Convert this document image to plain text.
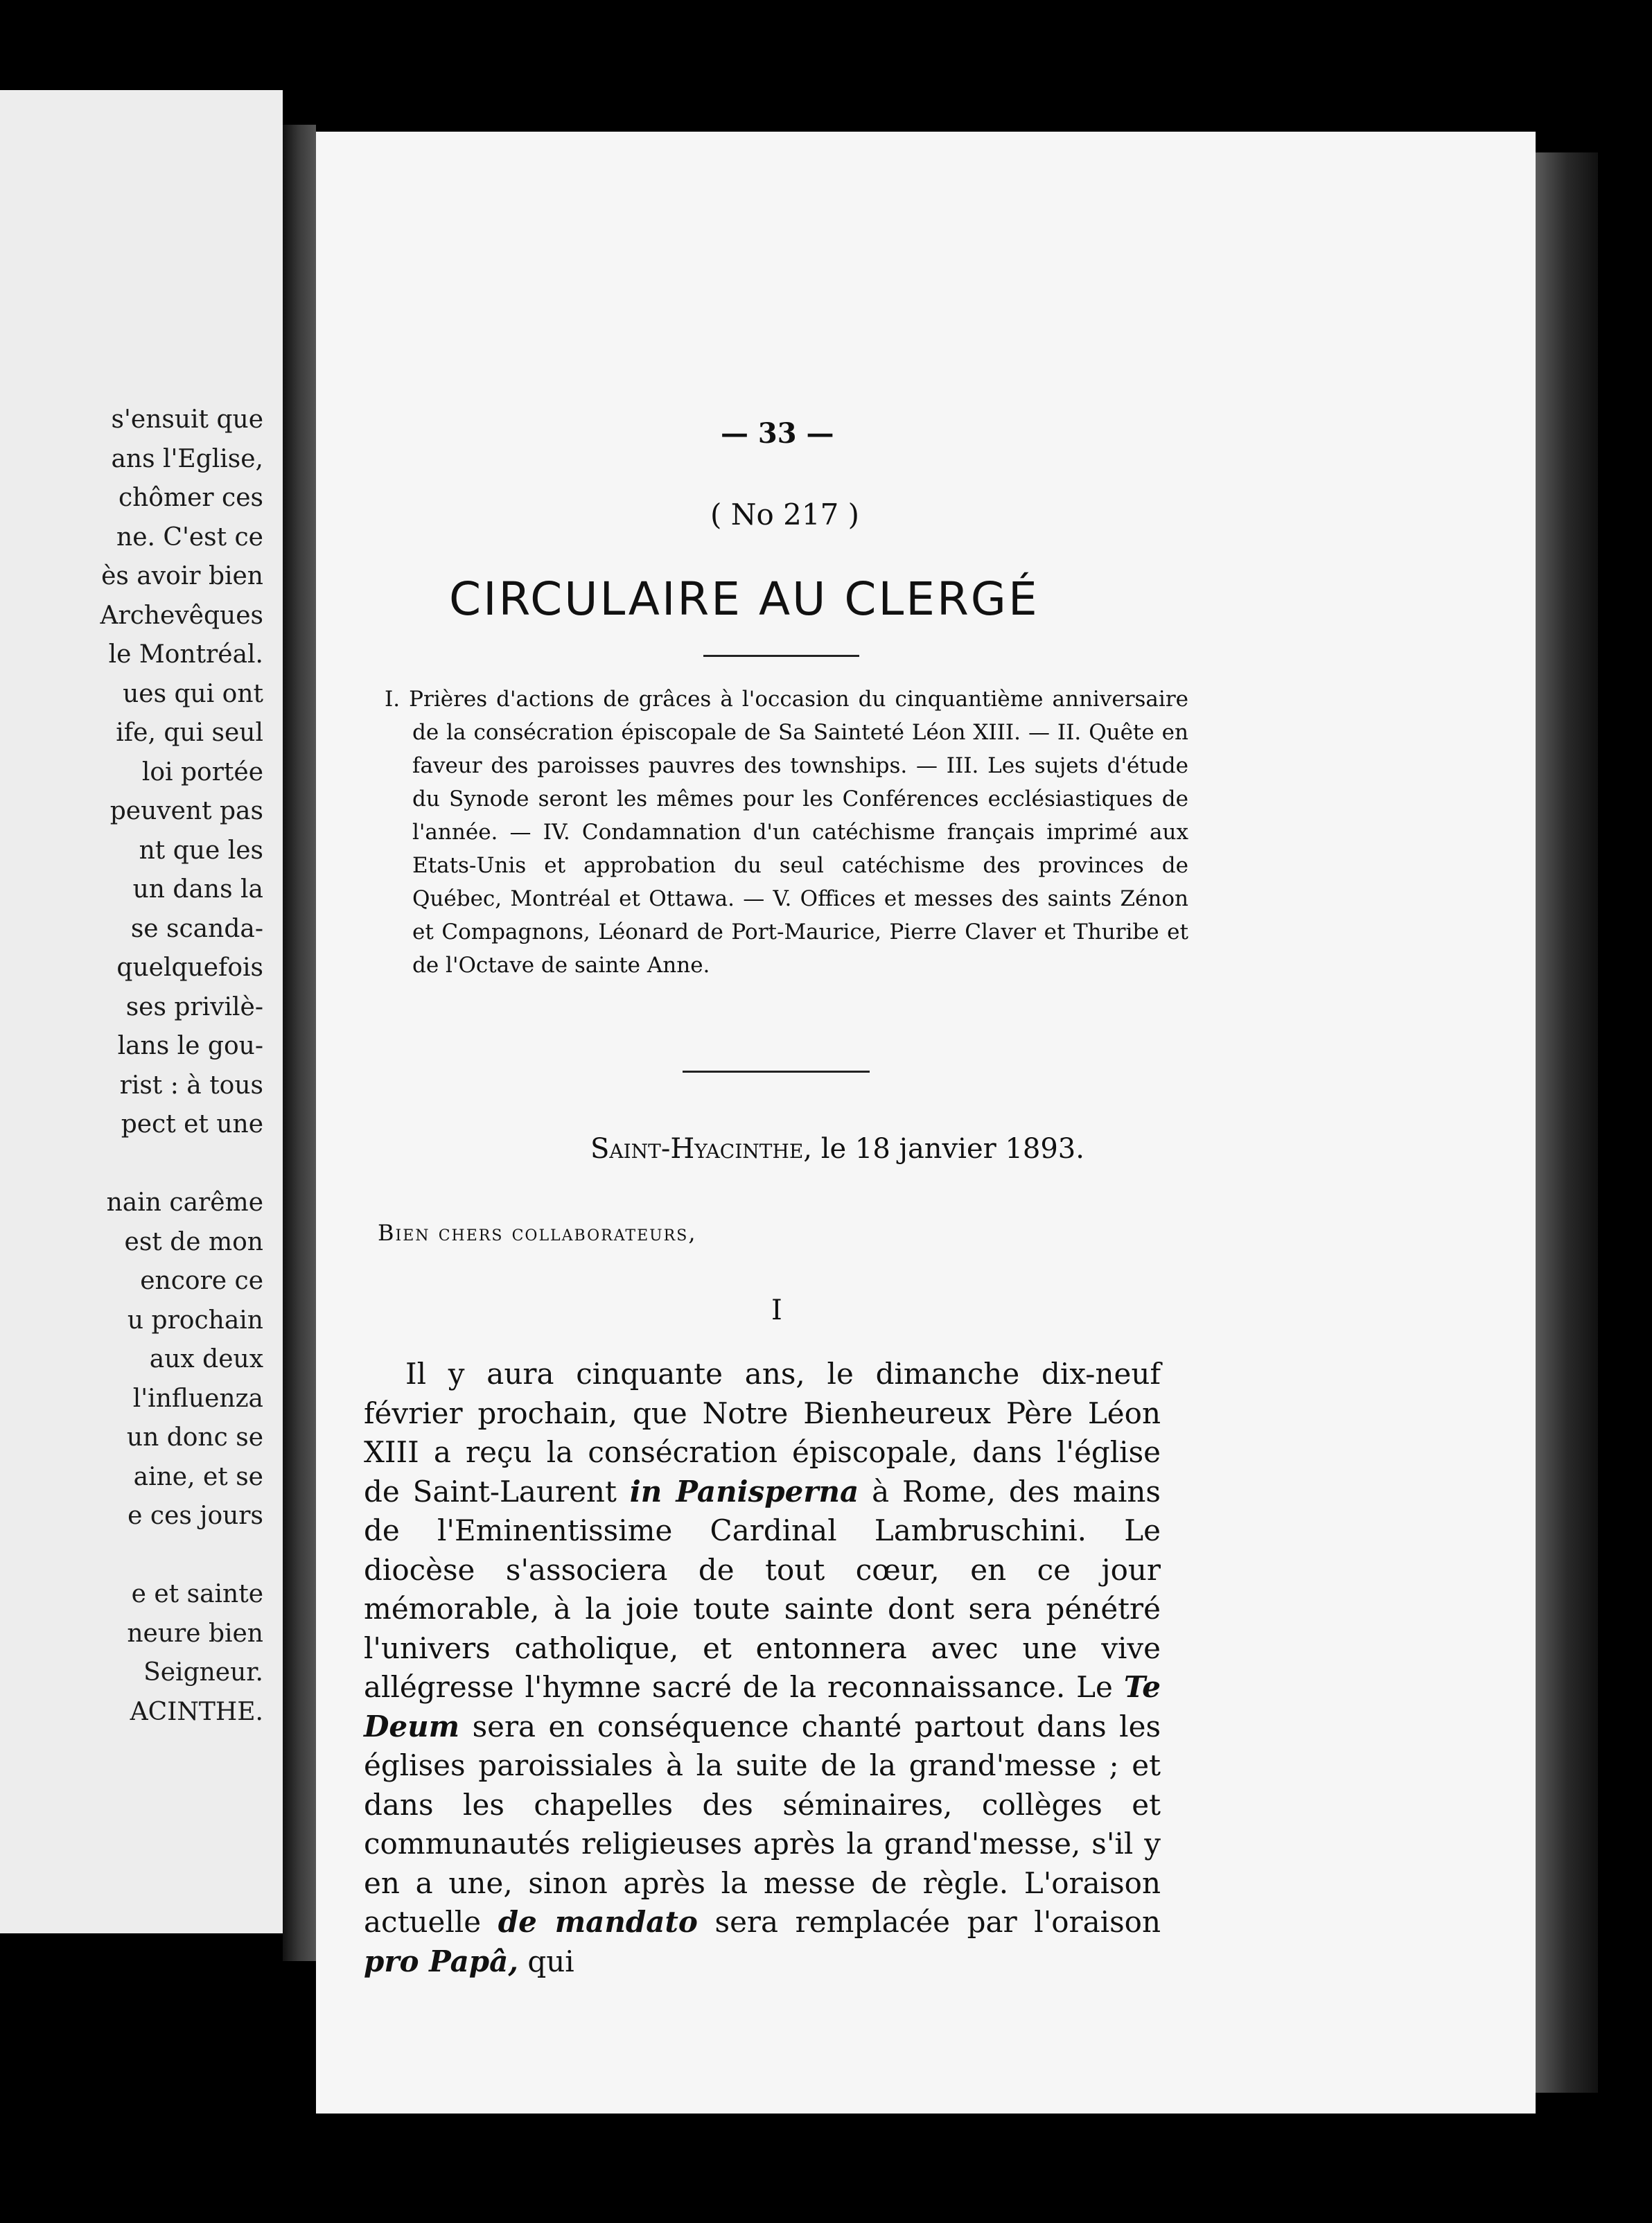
s'ensuit que
ans l'Eglise,
chômer ces
ne. C'est ce
ès avoir bien
Archevêques
le Montréal.
ues qui ont
ife, qui seul
loi portée
peuvent pas
nt que les
un dans la
se scanda-
quelquefois
ses privilè-
lans le gou-
rist : à tous
pect et une
nain carême
est de mon
encore ce
u prochain
aux deux
l'influenza
un donc se
aine, et se
e ces jours
e et sainte
neure bien
Seigneur.
ACINTHE.
— 33 —
( No 217 )
CIRCULAIRE AU CLERGÉ
I. Prières d'actions de grâces à l'occasion du cinquantième anniversaire de la consécration épiscopale de Sa Sainteté Léon XIII. — II. Quête en faveur des paroisses pauvres des townships. — III. Les sujets d'étude du Synode seront les mêmes pour les Conférences ecclésiastiques de l'année. — IV. Condamnation d'un catéchisme français imprimé aux Etats-Unis et approbation du seul catéchisme des provinces de Québec, Montréal et Ottawa. — V. Offices et messes des saints Zénon et Compagnons, Léonard de Port-Maurice, Pierre Claver et Thuribe et de l'Octave de sainte Anne.
Saint-Hyacinthe, le 18 janvier 1893.
Bien chers collaborateurs,
I
Il y aura cinquante ans, le dimanche dix-neuf février prochain, que Notre Bienheureux Père Léon XIII a reçu la consécration épiscopale, dans l'église de Saint-Laurent in Panisperna à Rome, des mains de l'Eminentissime Cardinal Lambruschini. Le diocèse s'associera de tout cœur, en ce jour mémorable, à la joie toute sainte dont sera pénétré l'univers catholique, et entonnera avec une vive allégresse l'hymne sacré de la reconnaissance. Le Te Deum sera en conséquence chanté partout dans les églises paroissiales à la suite de la grand'messe ; et dans les chapelles des séminaires, collèges et communautés religieuses après la grand'messe, s'il y en a une, sinon après la messe de règle. L'oraison actuelle de mandato sera remplacée par l'oraison pro Papâ, qui
